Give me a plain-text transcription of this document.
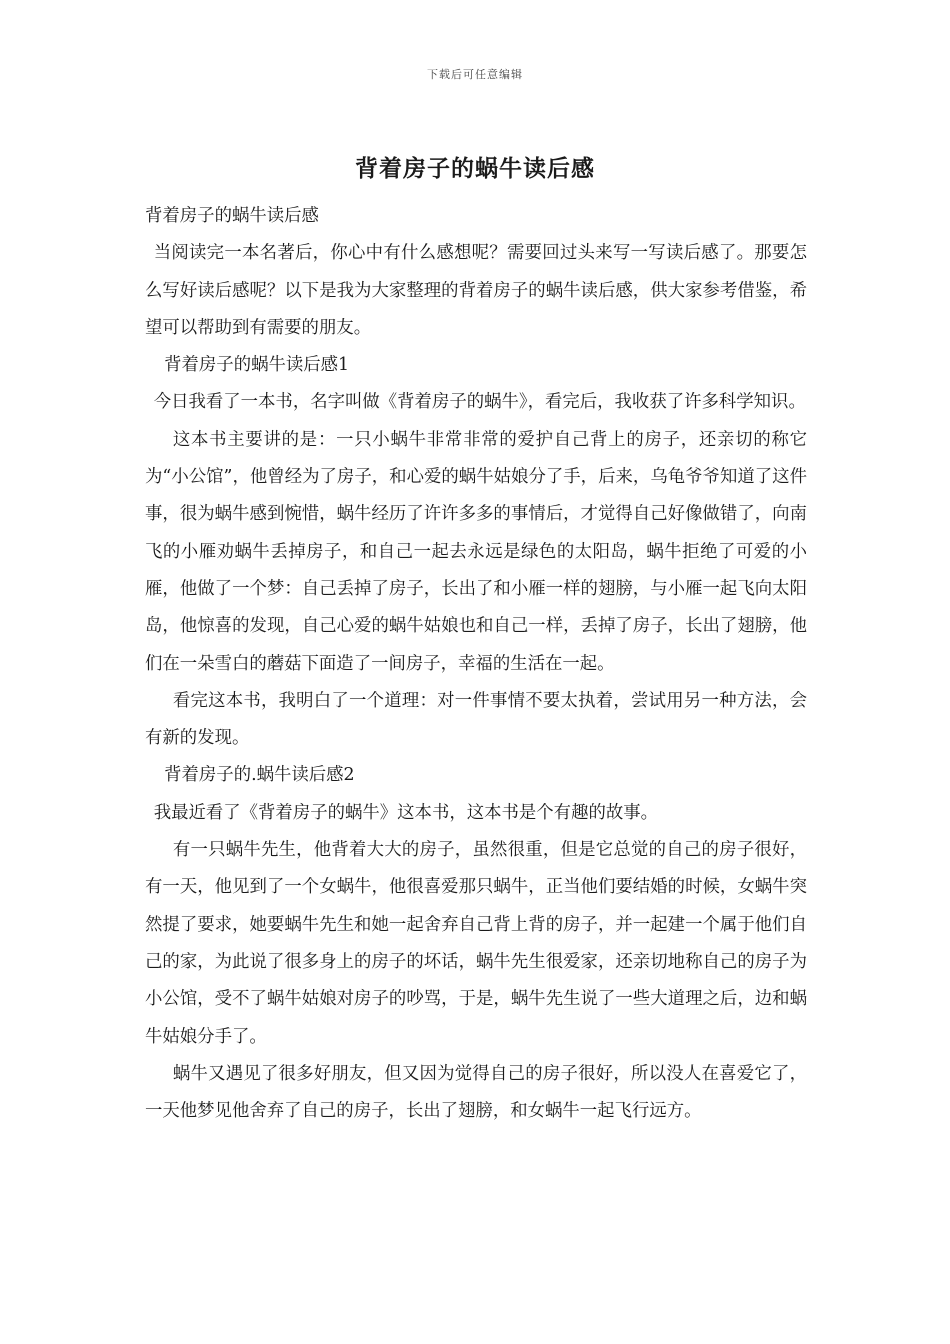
下载后可任意编辑
背着房子的蜗牛读后感

背着房子的蜗牛读后感

当阅读完一本名著后，你心中有什么感想呢？需要回过头来写一写读后感了。那要怎么写好读后感呢？以下是我为大家整理的背着房子的蜗牛读后感，供大家参考借鉴，希望可以帮助到有需要的朋友。

背着房子的蜗牛读后感1

今日我看了一本书，名字叫做《背着房子的蜗牛》，看完后，我收获了许多科学知识。

这本书主要讲的是：一只小蜗牛非常非常的爱护自己背上的房子，还亲切的称它为“小公馆”，他曾经为了房子，和心爱的蜗牛姑娘分了手，后来，乌龟爷爷知道了这件事，很为蜗牛感到惋惜，蜗牛经历了许许多多的事情后，才觉得自己好像做错了，向南飞的小雁劝蜗牛丢掉房子，和自己一起去永远是绿色的太阳岛，蜗牛拒绝了可爱的小雁，他做了一个梦：自己丢掉了房子，长出了和小雁一样的翅膀，与小雁一起飞向太阳岛，他惊喜的发现，自己心爱的蜗牛姑娘也和自己一样，丢掉了房子，长出了翅膀，他们在一朵雪白的蘑菇下面造了一间房子，幸福的生活在一起。

看完这本书，我明白了一个道理：对一件事情不要太执着，尝试用另一种方法，会有新的发现。

背着房子的.蜗牛读后感2

我最近看了《背着房子的蜗牛》这本书，这本书是个有趣的故事。

有一只蜗牛先生，他背着大大的房子，虽然很重，但是它总觉的自己的房子很好，有一天，他见到了一个女蜗牛，他很喜爱那只蜗牛，正当他们要结婚的时候，女蜗牛突然提了要求，她要蜗牛先生和她一起舍弃自己背上背的房子，并一起建一个属于他们自己的家，为此说了很多身上的房子的坏话，蜗牛先生很爱家，还亲切地称自己的房子为小公馆，受不了蜗牛姑娘对房子的吵骂，于是，蜗牛先生说了一些大道理之后，边和蜗牛姑娘分手了。

蜗牛又遇见了很多好朋友，但又因为觉得自己的房子很好，所以没人在喜爱它了，一天他梦见他舍弃了自己的房子，长出了翅膀，和女蜗牛一起飞行远方。
